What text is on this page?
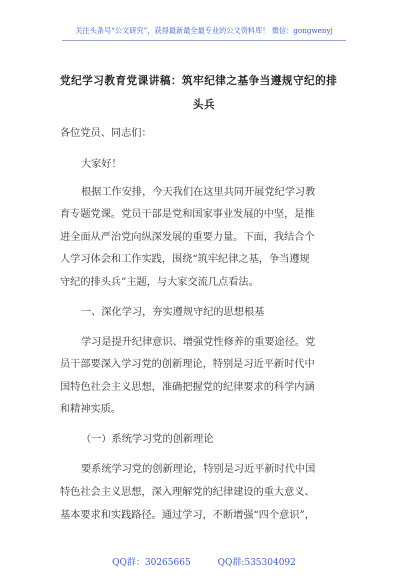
关注头条号“公文研究”，获得最新最全最专业的公文资料库！ 微信：gongwenyj
党纪学习教育党课讲稿：筑牢纪律之基争当遵规守纪的排
头兵
各位党员、同志们：
大家好！
根据工作安排，今天我们在这里共同开展党纪学习教
育专题党课。党员干部是党和国家事业发展的中坚，是推
进全面从严治党向纵深发展的重要力量。下面，我结合个
人学习体会和工作实践，围绕“筑牢纪律之基，争当遵规
守纪的排头兵”主题，与大家交流几点看法。
一、深化学习，夯实遵规守纪的思想根基
学习是提升纪律意识、增强党性修养的重要途径。党
员干部要深入学习党的创新理论，特别是习近平新时代中
国特色社会主义思想，准确把握党的纪律要求的科学内涵
和精神实质。
（一）系统学习党的创新理论
要系统学习党的创新理论，特别是习近平新时代中国
特色社会主义思想，深入理解党的纪律建设的重大意义、
基本要求和实践路径。通过学习，不断增强“四个意识”，
QQ群：30265665	QQ群:535304092
